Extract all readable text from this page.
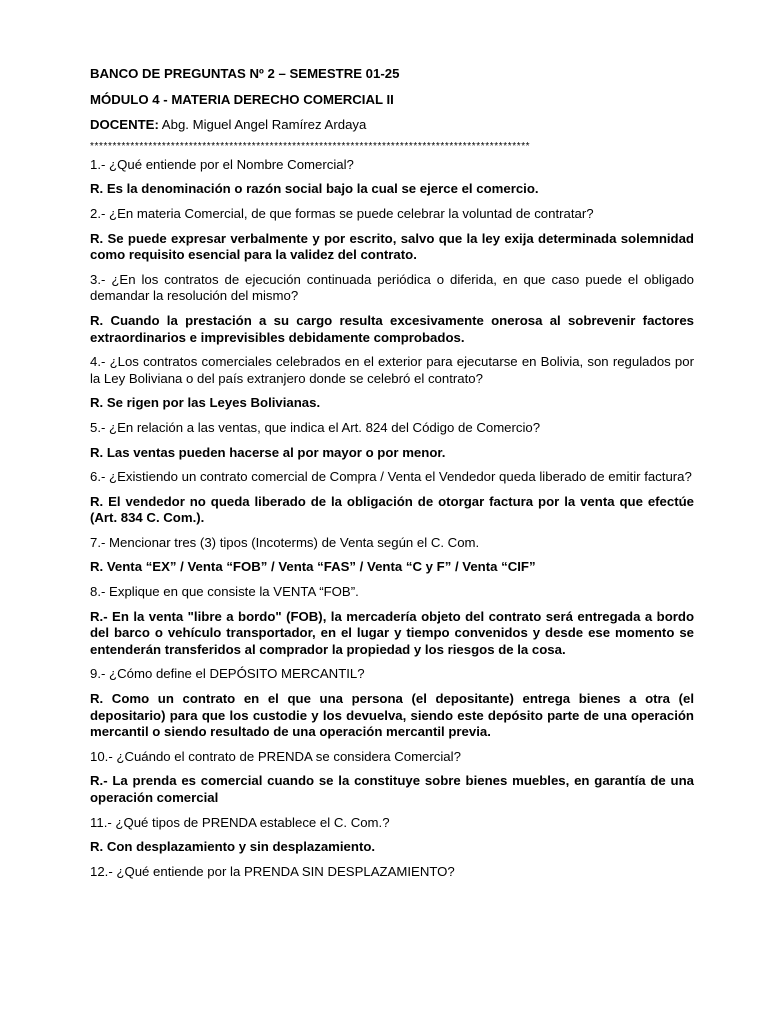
BANCO DE PREGUNTAS Nº 2 – SEMESTRE 01-25
MÓDULO 4 - MATERIA DERECHO COMERCIAL II
DOCENTE: Abg. Miguel Angel Ramírez Ardaya
**************************************************************************************************

1.- ¿Qué entiende por el Nombre Comercial?

R. Es la denominación o razón social bajo la cual se ejerce el comercio.

2.- ¿En materia Comercial, de que formas se puede celebrar la voluntad de contratar?

R. Se puede expresar verbalmente y por escrito, salvo que la ley exija determinada solemnidad como requisito esencial para la validez del contrato.

3.- ¿En los contratos de ejecución continuada periódica o diferida, en que caso puede el obligado demandar la resolución del mismo?

R. Cuando la prestación a su cargo resulta excesivamente onerosa al sobrevenir factores extraordinarios e imprevisibles debidamente comprobados.

4.- ¿Los contratos comerciales celebrados en el exterior para ejecutarse en Bolivia, son regulados por la Ley Boliviana o del país extranjero donde se celebró el contrato?

R. Se rigen por las Leyes Bolivianas.

5.- ¿En relación a las ventas, que indica el Art. 824 del Código de Comercio?

R. Las ventas pueden hacerse al por mayor o por menor.

6.- ¿Existiendo un contrato comercial de Compra / Venta el Vendedor queda liberado de emitir factura?

R. El vendedor no queda liberado de la obligación de otorgar factura por la venta que efectúe (Art. 834 C. Com.).

7.- Mencionar tres (3) tipos (Incoterms) de Venta según el C. Com.

R. Venta “EX” / Venta “FOB” / Venta “FAS” / Venta “C y F” / Venta “CIF”

8.- Explique en que consiste la VENTA “FOB”.

R.- En la venta "libre a bordo" (FOB), la mercadería objeto del contrato será entregada a bordo del barco o vehículo transportador, en el lugar y tiempo convenidos y desde ese momento se entenderán transferidos al comprador la propiedad y los riesgos de la cosa.

9.- ¿Cómo define el DEPÓSITO MERCANTIL?

R. Como un contrato en el que una persona (el depositante) entrega bienes a otra (el depositario) para que los custodie y los devuelva, siendo este depósito parte de una operación mercantil o siendo resultado de una operación mercantil previa.

10.- ¿Cuándo el contrato de PRENDA se considera Comercial?

R.- La prenda es comercial cuando se la constituye sobre bienes muebles, en garantía de una operación comercial

11.- ¿Qué tipos de PRENDA establece el C. Com.?

R. Con desplazamiento y sin desplazamiento.

12.- ¿Qué entiende por la PRENDA SIN DESPLAZAMIENTO?
